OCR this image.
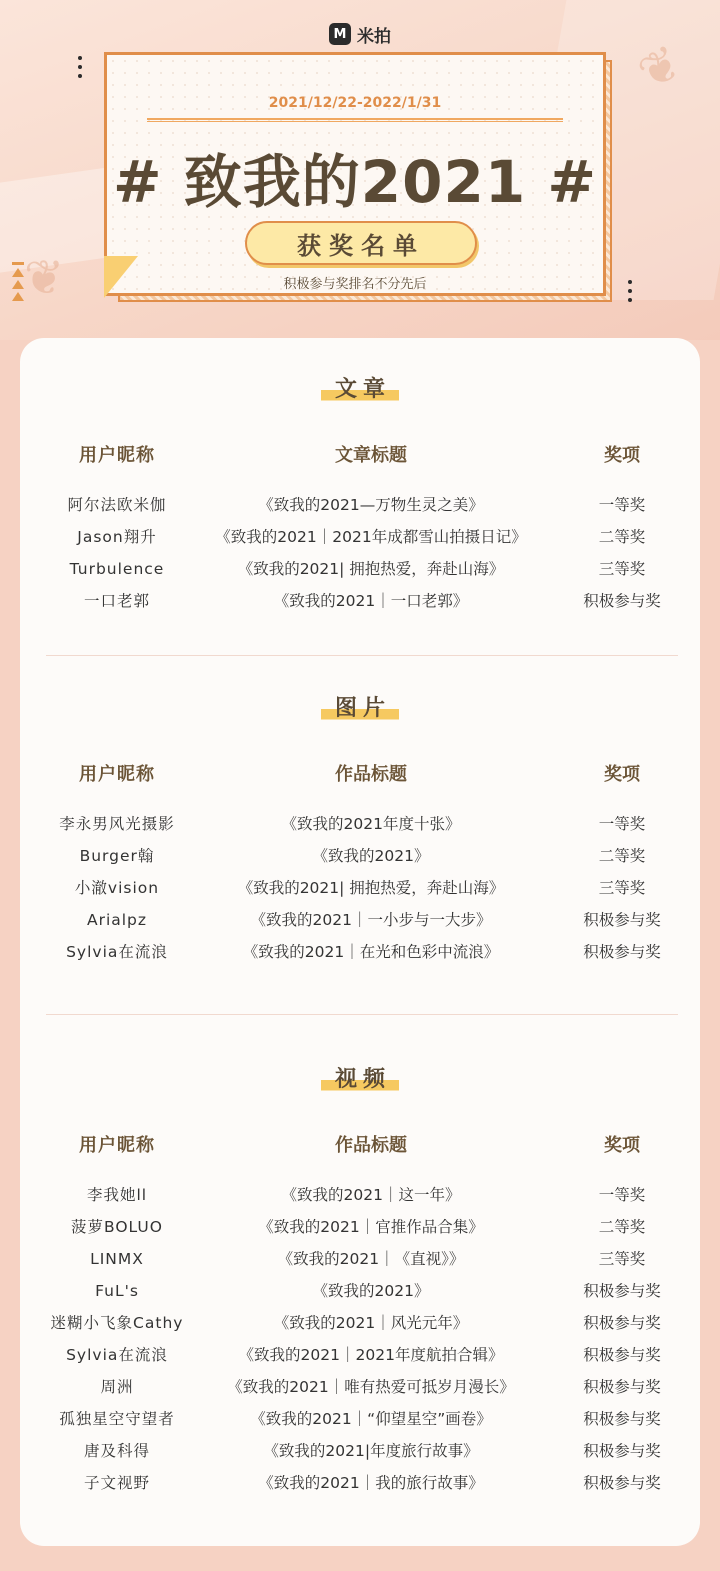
❦
❦
M 米拍
2021/12/22-2022/1/31
# 致我的2021 #
获奖名单
积极参与奖排名不分先后
文章
用户昵称	文章标题	奖项
阿尔法欧米伽	《致我的2021—万物生灵之美》	一等奖
Jason翔升	《致我的2021｜2021年成都雪山拍摄日记》	二等奖
Turbulence	《致我的2021| 拥抱热爱，奔赴山海》	三等奖
一口老郭	《致我的2021｜一口老郭》	积极参与奖
图片
用户昵称	作品标题	奖项
李永男风光摄影	《致我的2021年度十张》	一等奖
Burger翰	《致我的2021》	二等奖
小澈vision	《致我的2021| 拥抱热爱，奔赴山海》	三等奖
Arialpz	《致我的2021｜一小步与一大步》	积极参与奖
Sylvia在流浪	《致我的2021｜在光和色彩中流浪》	积极参与奖
视频
用户昵称	作品标题	奖项
李我她ll	《致我的2021｜这一年》	一等奖
菠萝BOLUO	《致我的2021｜官推作品合集》	二等奖
LINMX	《致我的2021｜《直视》》	三等奖
FuL's	《致我的2021》	积极参与奖
迷糊小飞象Cathy	《致我的2021｜风光元年》	积极参与奖
Sylvia在流浪	《致我的2021｜2021年度航拍合辑》	积极参与奖
周洲	《致我的2021｜唯有热爱可抵岁月漫长》	积极参与奖
孤独星空守望者	《致我的2021｜“仰望星空”画卷》	积极参与奖
唐及科得	《致我的2021|年度旅行故事》	积极参与奖
子文视野	《致我的2021｜我的旅行故事》	积极参与奖
